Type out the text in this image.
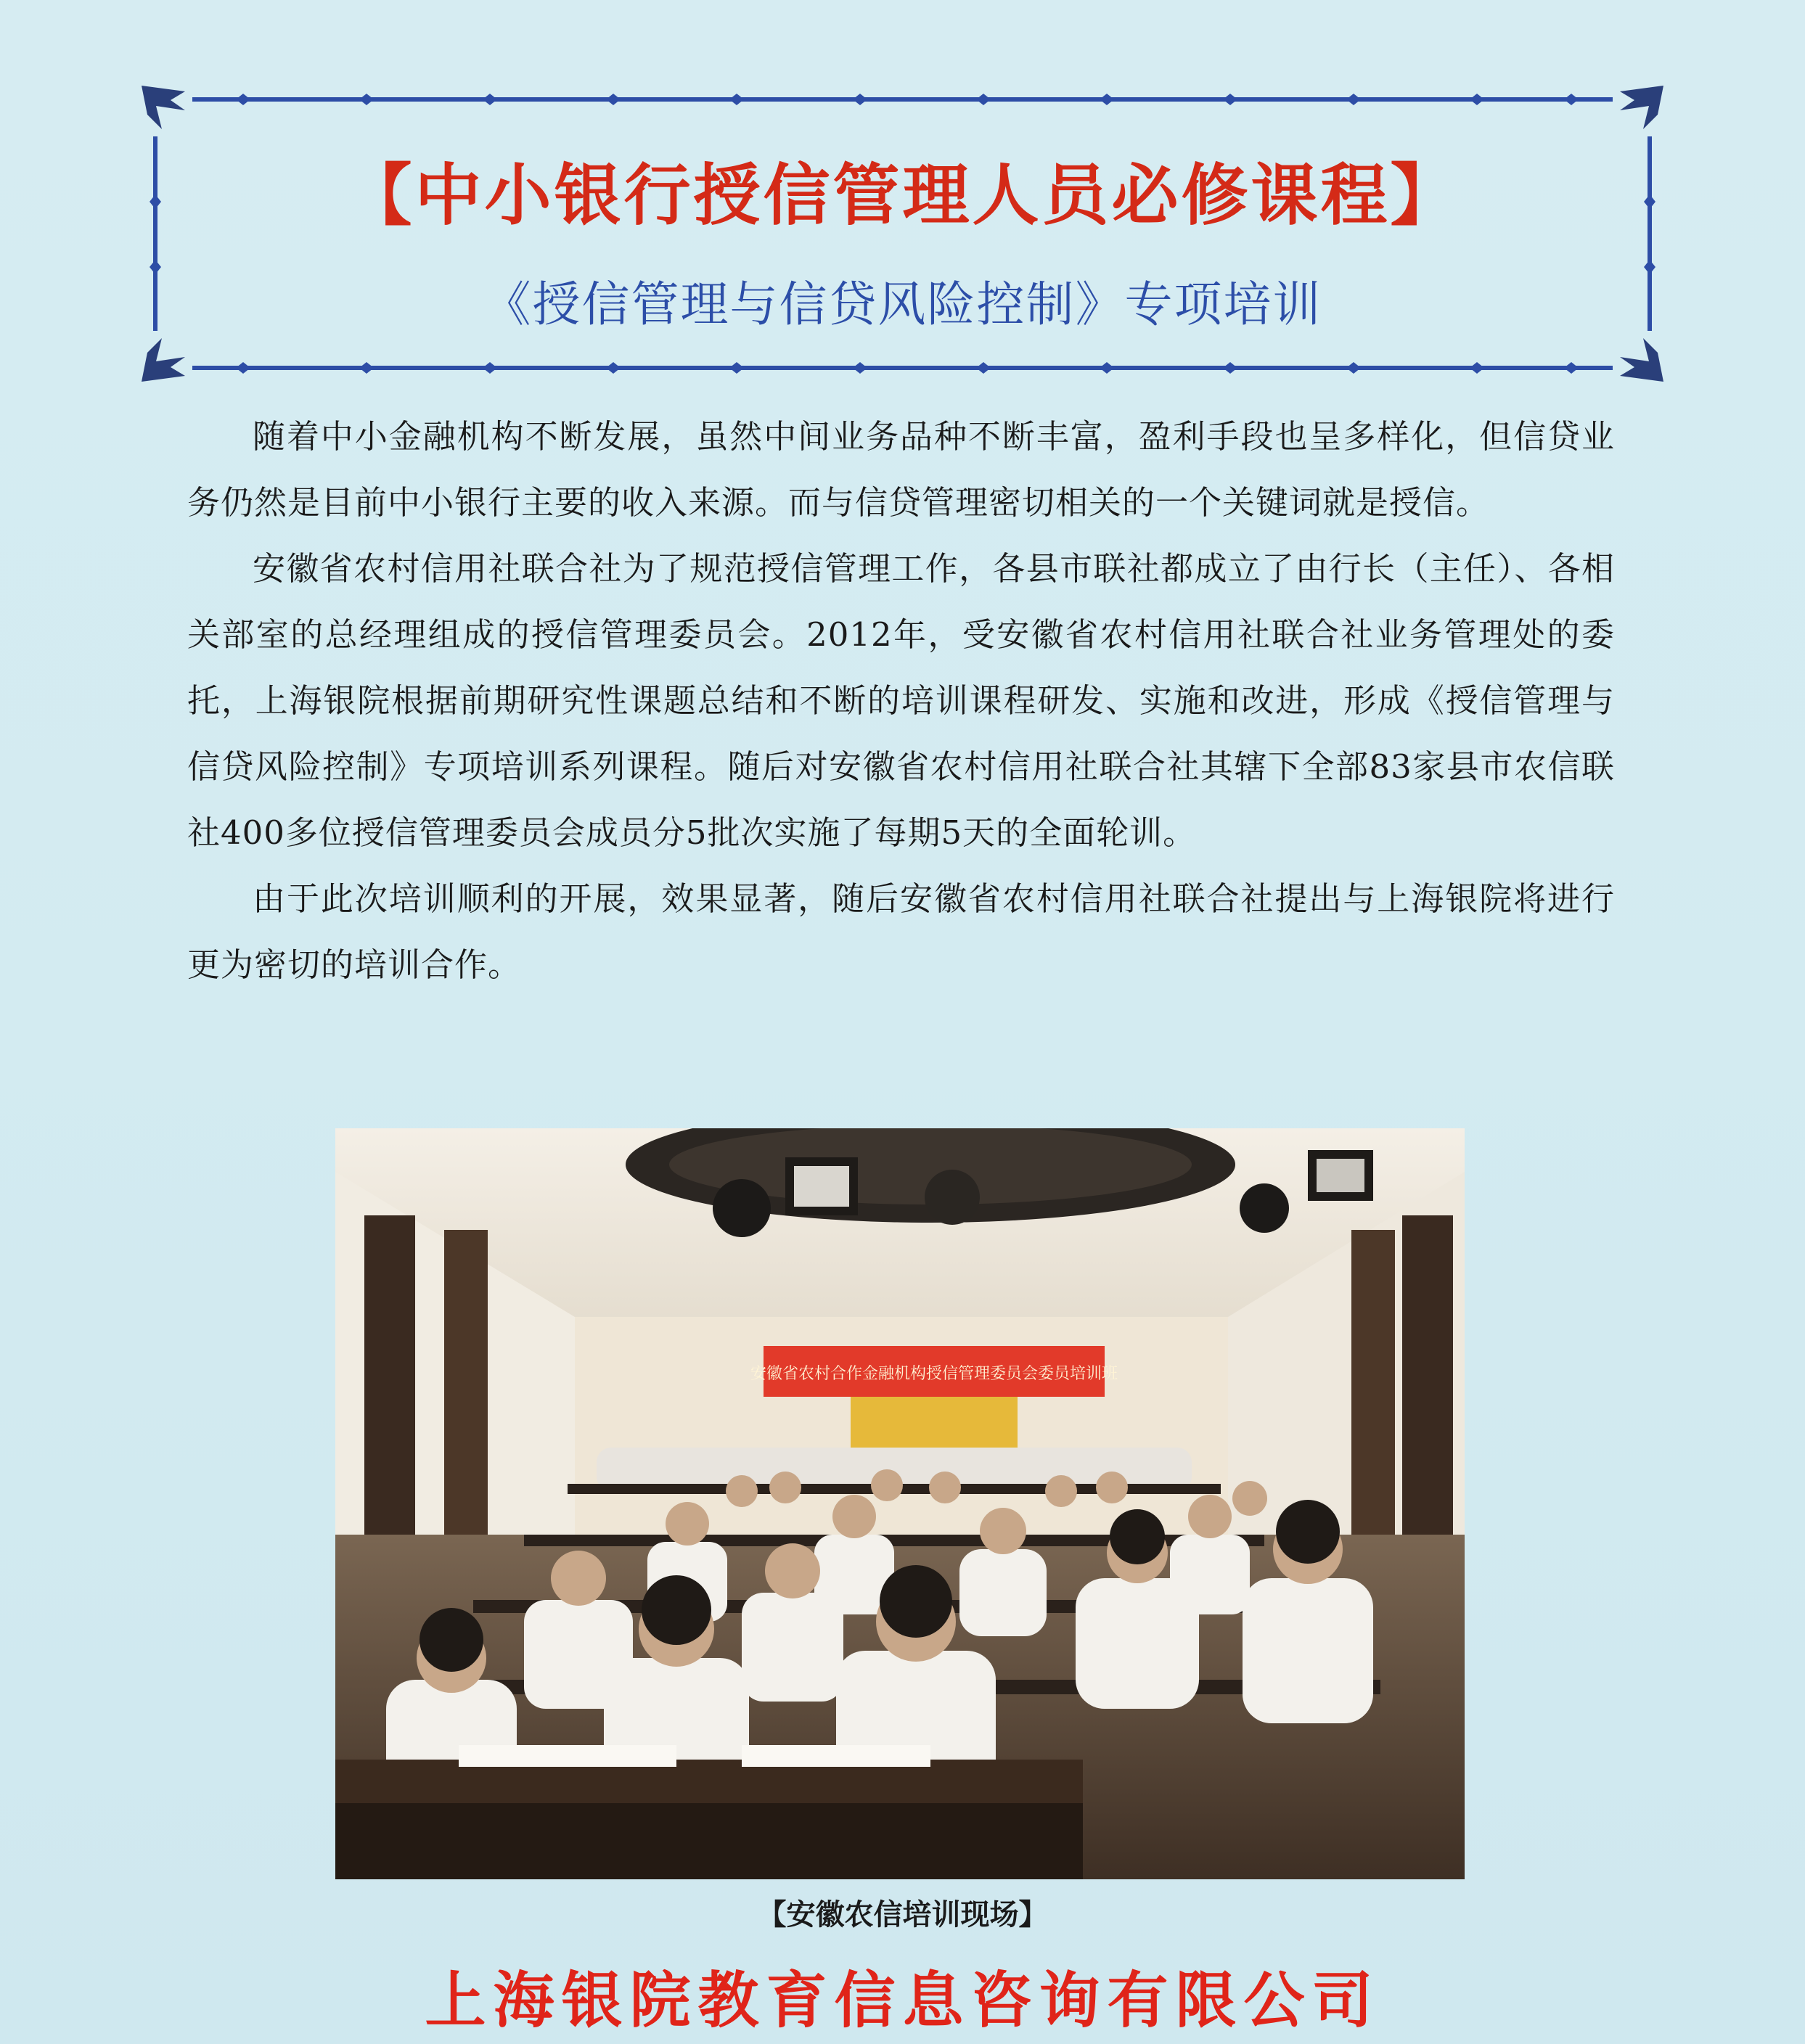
【中小银行授信管理人员必修课程】
《授信管理与信贷风险控制》专项培训

随着中小金融机构不断发展，虽然中间业务品种不断丰富，盈利手段也呈多样化，但信贷业务仍然是目前中小银行主要的收入来源。而与信贷管理密切相关的一个关键词就是授信。

安徽省农村信用社联合社为了规范授信管理工作，各县市联社都成立了由行长（主任）、各相关部室的总经理组成的授信管理委员会。2012年，受安徽省农村信用社联合社业务管理处的委托，上海银院根据前期研究性课题总结和不断的培训课程研发、实施和改进，形成《授信管理与信贷风险控制》专项培训系列课程。随后对安徽省农村信用社联合社其辖下全部83家县市农信联社400多位授信管理委员会成员分5批次实施了每期5天的全面轮训。

由于此次培训顺利的开展，效果显著，随后安徽省农村信用社联合社提出与上海银院将进行更为密切的培训合作。

安徽省农村合作金融机构授信管理委员会委员培训班
【安徽农信培训现场】
上海银院教育信息咨询有限公司
